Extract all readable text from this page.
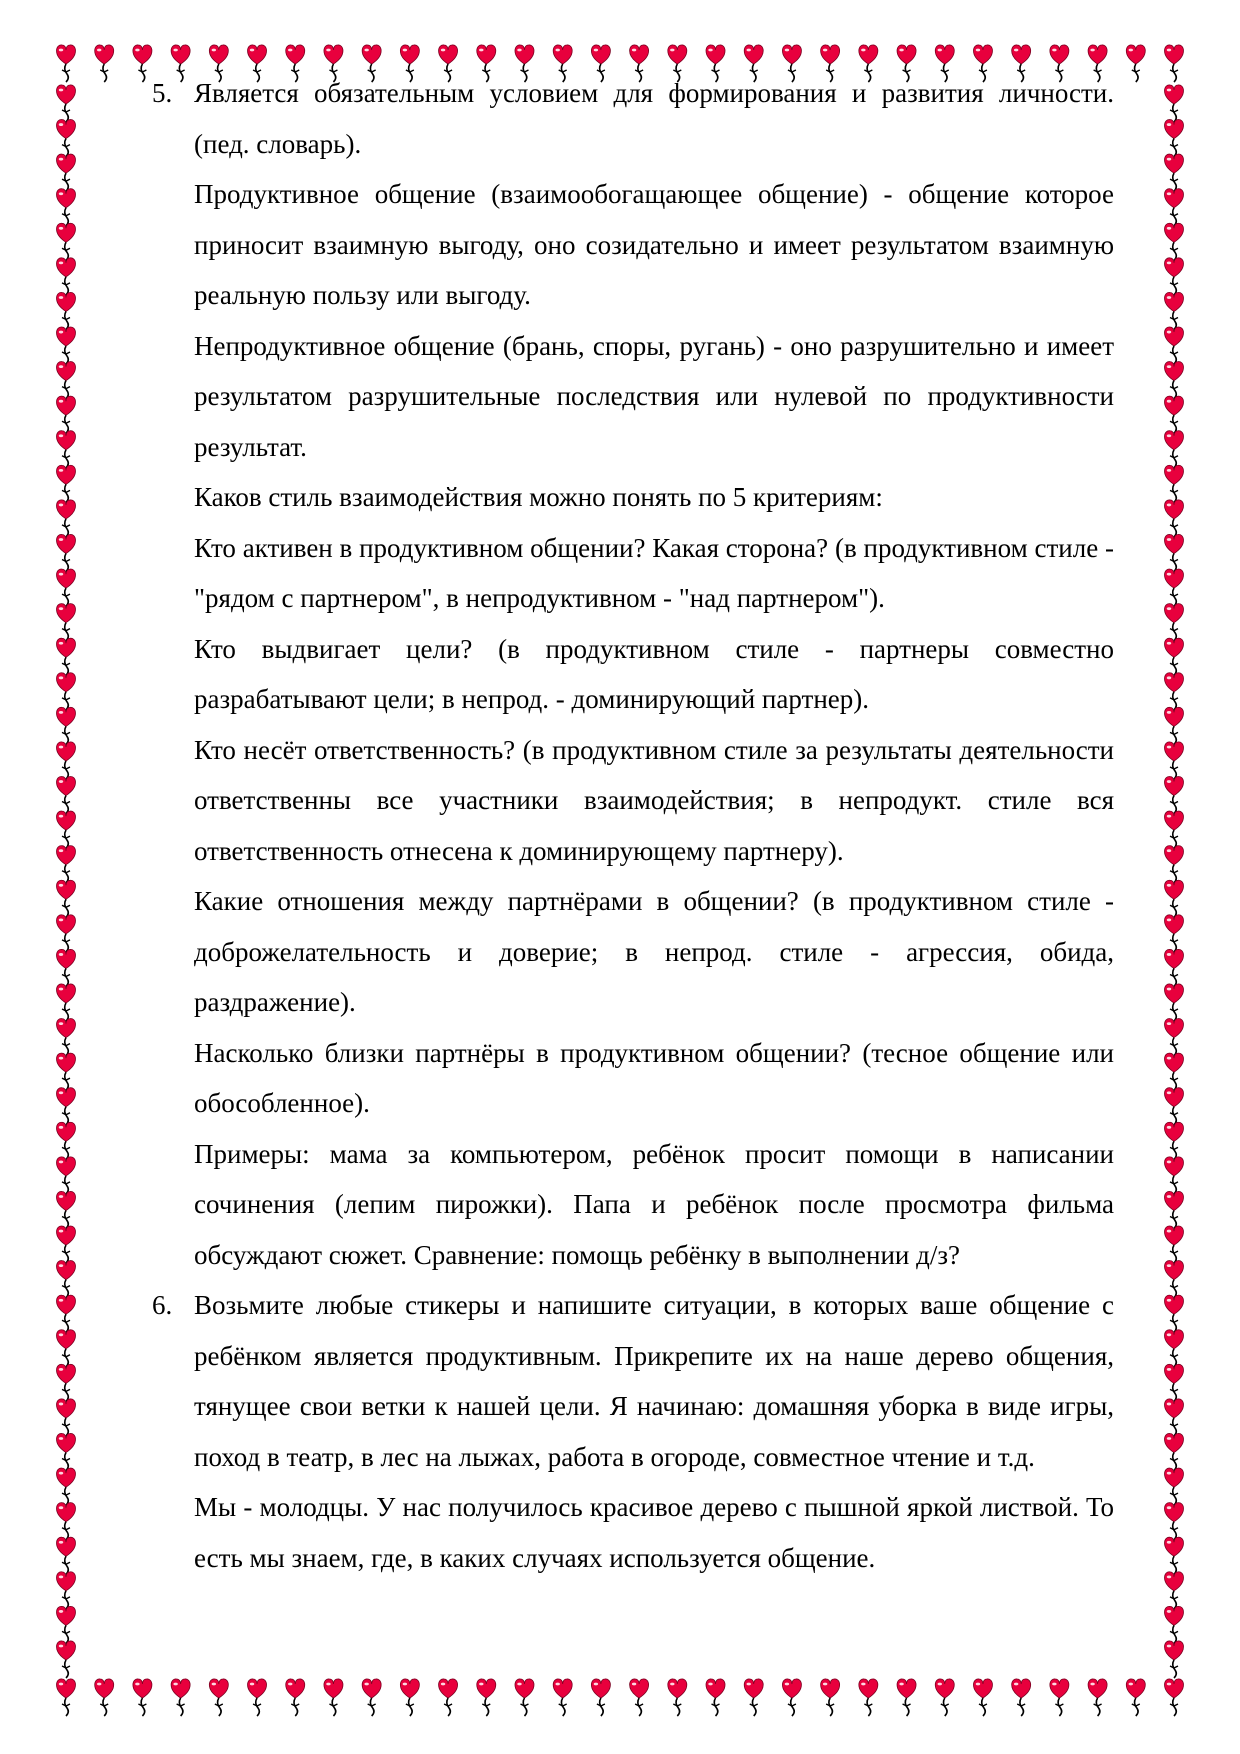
5. Является обязательным условием для формирования и развития личности. (пед. словарь).

Продуктивное общение (взаимообогащающее общение) - общение которое приносит взаимную выгоду, оно созидательно и имеет результатом взаимную реальную пользу или выгоду.

Непродуктивное общение (брань, споры, ругань) - оно разрушительно и имеет результатом разрушительные последствия или нулевой по продуктивности результат.

Каков стиль взаимодействия можно понять по 5 критериям:

Кто активен в продуктивном общении? Какая сторона? (в продуктивном стиле - "рядом с партнером", в непродуктивном - "над партнером").

Кто выдвигает цели? (в продуктивном стиле - партнеры совместно разрабатывают цели; в непрод. - доминирующий партнер).

Кто несёт ответственность? (в продуктивном стиле за результаты деятельности ответственны все участники взаимодействия; в непродукт. стиле вся ответственность отнесена к доминирующему партнеру).

Какие отношения между партнёрами в общении? (в продуктивном стиле - доброжелательность и доверие; в непрод. стиле - агрессия, обида, раздражение).

Насколько близки партнёры в продуктивном общении? (тесное общение или обособленное).

Примеры: мама за компьютером, ребёнок просит помощи в написании сочинения (лепим пирожки). Папа и ребёнок после просмотра фильма обсуждают сюжет. Сравнение: помощь ребёнку в выполнении д/з?

6. Возьмите любые стикеры и напишите ситуации, в которых ваше общение с ребёнком является продуктивным. Прикрепите их на наше дерево общения, тянущее свои ветки к нашей цели. Я начинаю: домашняя уборка в виде игры, поход в театр, в лес на лыжах, работа в огороде, совместное чтение и т.д.

Мы - молодцы. У нас получилось красивое дерево с пышной яркой листвой. То есть мы знаем, где, в каких случаях используется общение.
